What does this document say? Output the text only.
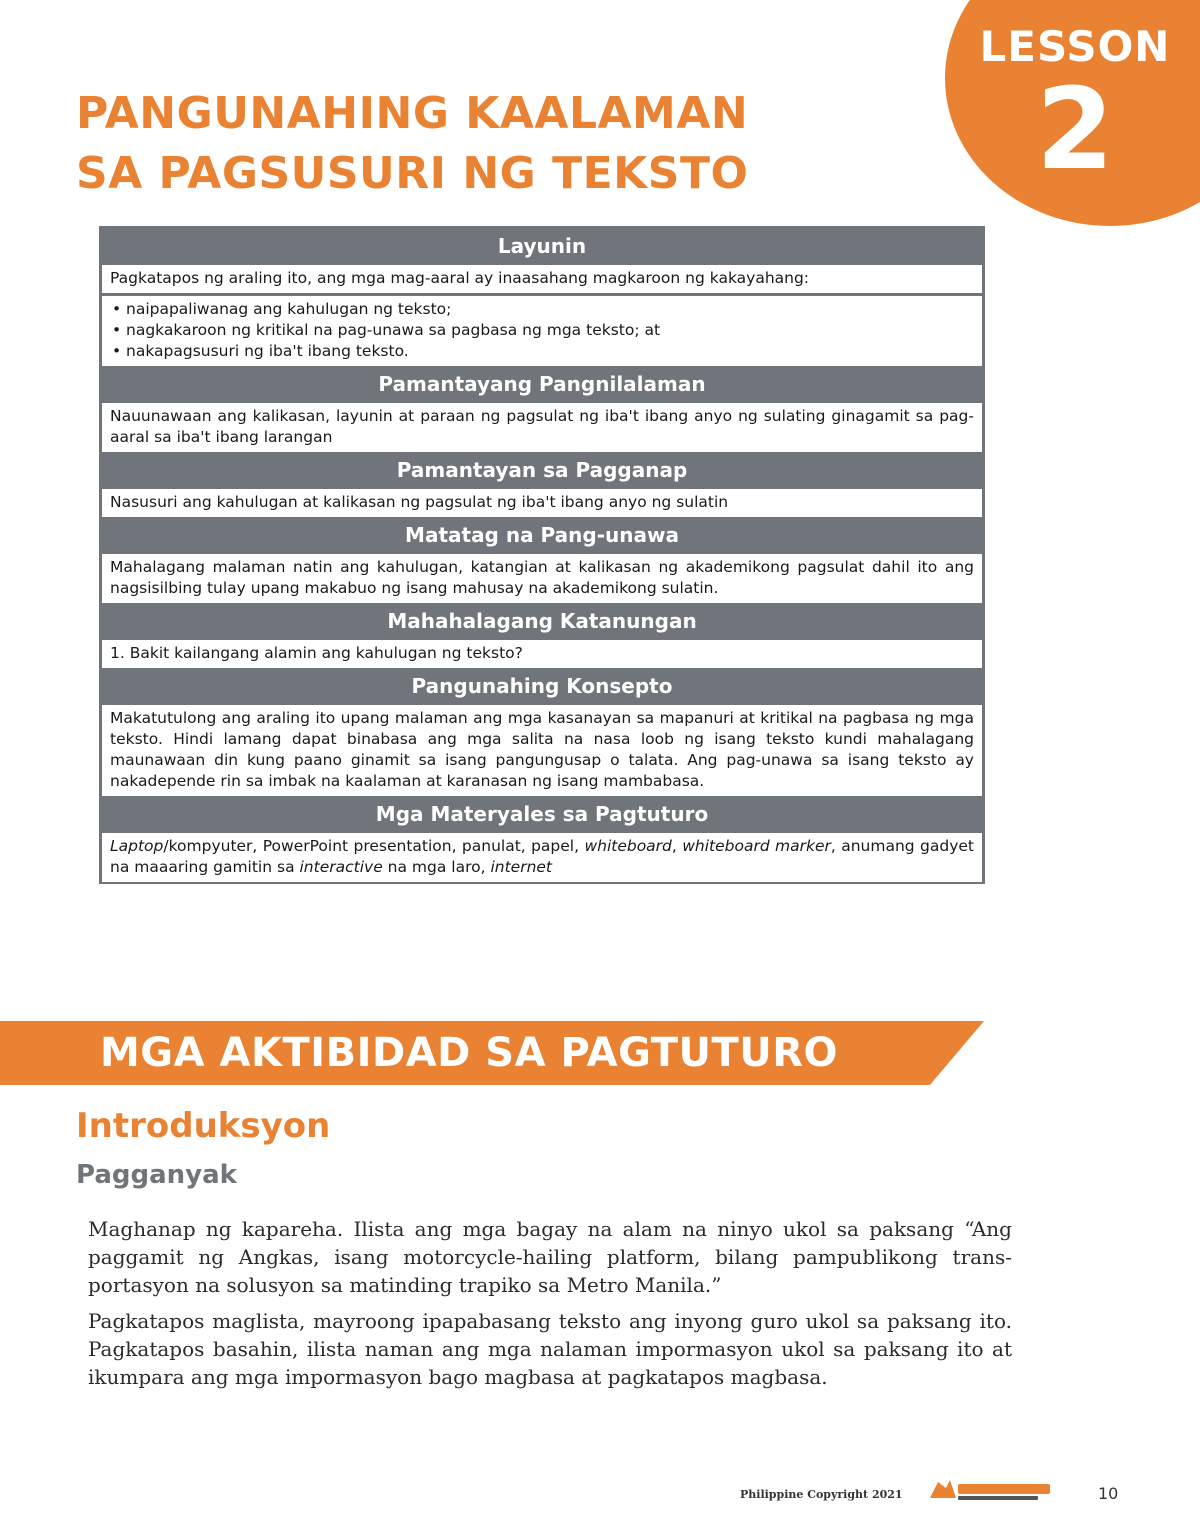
LESSON
2
PANGUNAHING KAALAMAN
SA PAGSUSURI NG TEKSTO
Layunin
Pagkatapos ng araling ito, ang mga mag-aaral ay inaasahang magkaroon ng kakayahang:
• naipapaliwanag ang kahulugan ng teksto;
• nagkakaroon ng kritikal na pag-unawa sa pagbasa ng mga teksto; at
• nakapagsusuri ng iba't ibang teksto.
Pamantayang Pangnilalaman
Nauunawaan ang kalikasan, layunin at paraan ng pagsulat ng iba't ibang anyo ng sulating ginagamit sa pag-aaral sa iba't ibang larangan
Pamantayan sa Pagganap
Nasusuri ang kahulugan at kalikasan ng pagsulat ng iba't ibang anyo ng sulatin
Matatag na Pang-unawa
Mahalagang malaman natin ang kahulugan, katangian at kalikasan ng akademikong pagsulat dahil ito ang nagsisilbing tulay upang makabuo ng isang mahusay na akademikong sulatin.
Mahahalagang Katanungan
1. Bakit kailangang alamin ang kahulugan ng teksto?
Pangunahing Konsepto
Makatutulong ang araling ito upang malaman ang mga kasanayan sa mapanuri at kritikal na pagbasa ng mga teksto. Hindi lamang dapat binabasa ang mga salita na nasa loob ng isang teksto kundi mahalagang maunawaan din kung paano ginamit sa isang pangungusap o talata. Ang pag-unawa sa isang teksto ay nakadepende rin sa imbak na kaalaman at karanasan ng isang mambabasa.
Mga Materyales sa Pagtuturo
Laptop/kompyuter, PowerPoint presentation, panulat, papel, whiteboard, whiteboard marker, anumang gadyet na maaaring gamitin sa interactive na mga laro, internet
MGA AKTIBIDAD SA PAGTUTURO
Introduksyon
Pagganyak

Maghanap ng kapareha. Ilista ang mga bagay na alam na ninyo ukol sa paksang “Ang paggamit ng Angkas, isang motorcycle-hailing platform, bilang pampublikong transportasyon na solusyon sa matinding trapiko sa Metro Manila.”

Pagkatapos maglista, mayroong ipapabasang teksto ang inyong guro ukol sa paksang ito. Pagkatapos basahin, ilista naman ang mga nalaman impormasyon ukol sa paksang ito at ikumpara ang mga impormasyon bago magbasa at pagkatapos magbasa.

Philippine Copyright 2021	10
